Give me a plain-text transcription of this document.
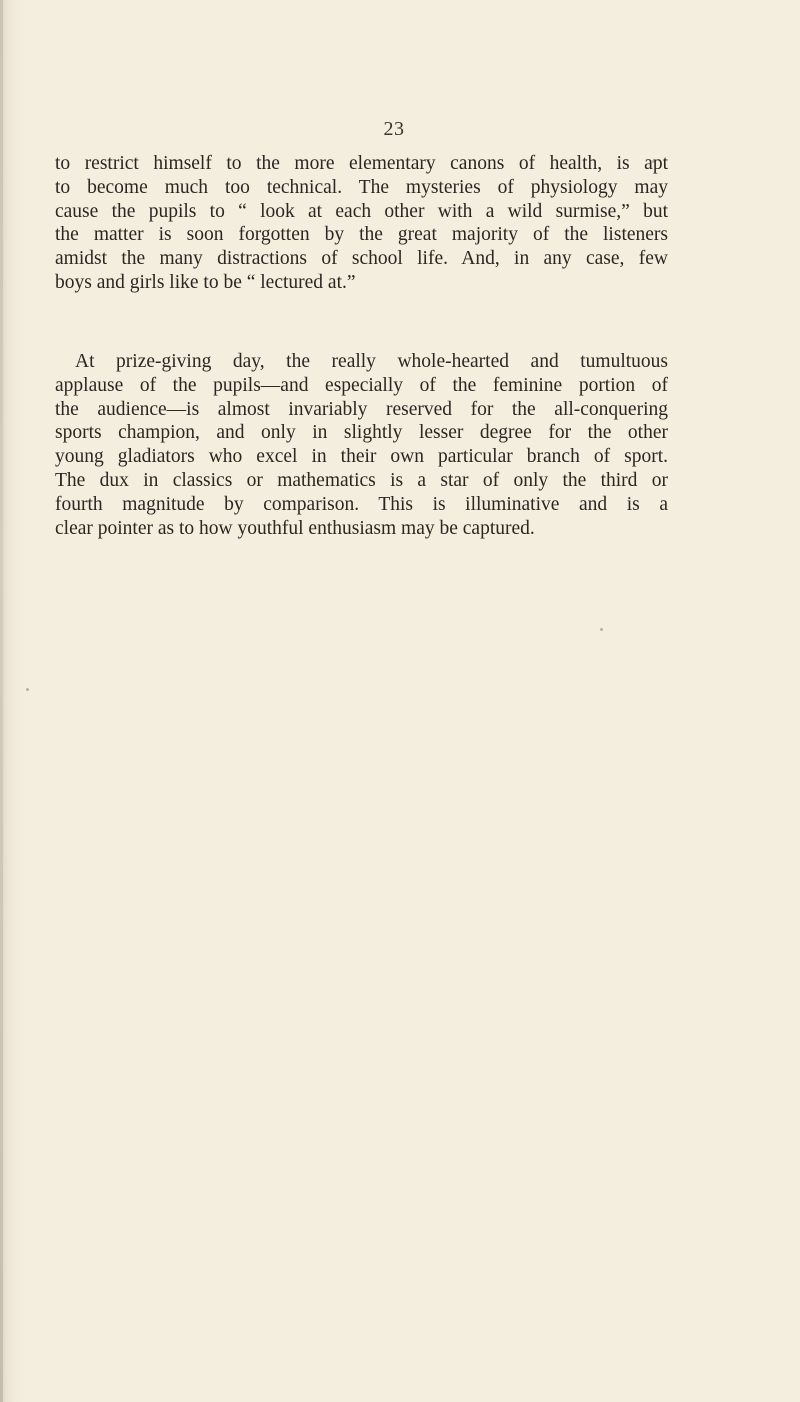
23

to restrict himself to the more elementary canons of health, is apt
to become much too technical. The mysteries of physiology may
cause the pupils to “ look at each other with a wild surmise,” but
the matter is soon forgotten by the great majority of the listeners
amidst the many distractions of school life. And, in any case, few
boys and girls like to be “ lectured at.”

At prize-giving day, the really whole-hearted and tumultuous
applause of the pupils—and especially of the feminine portion of
the audience—is almost invariably reserved for the all-conquering
sports champion, and only in slightly lesser degree for the other
young gladiators who excel in their own particular branch of sport.
The dux in classics or mathematics is a star of only the third or
fourth magnitude by comparison. This is illuminative and is a
clear pointer as to how youthful enthusiasm may be captured.
